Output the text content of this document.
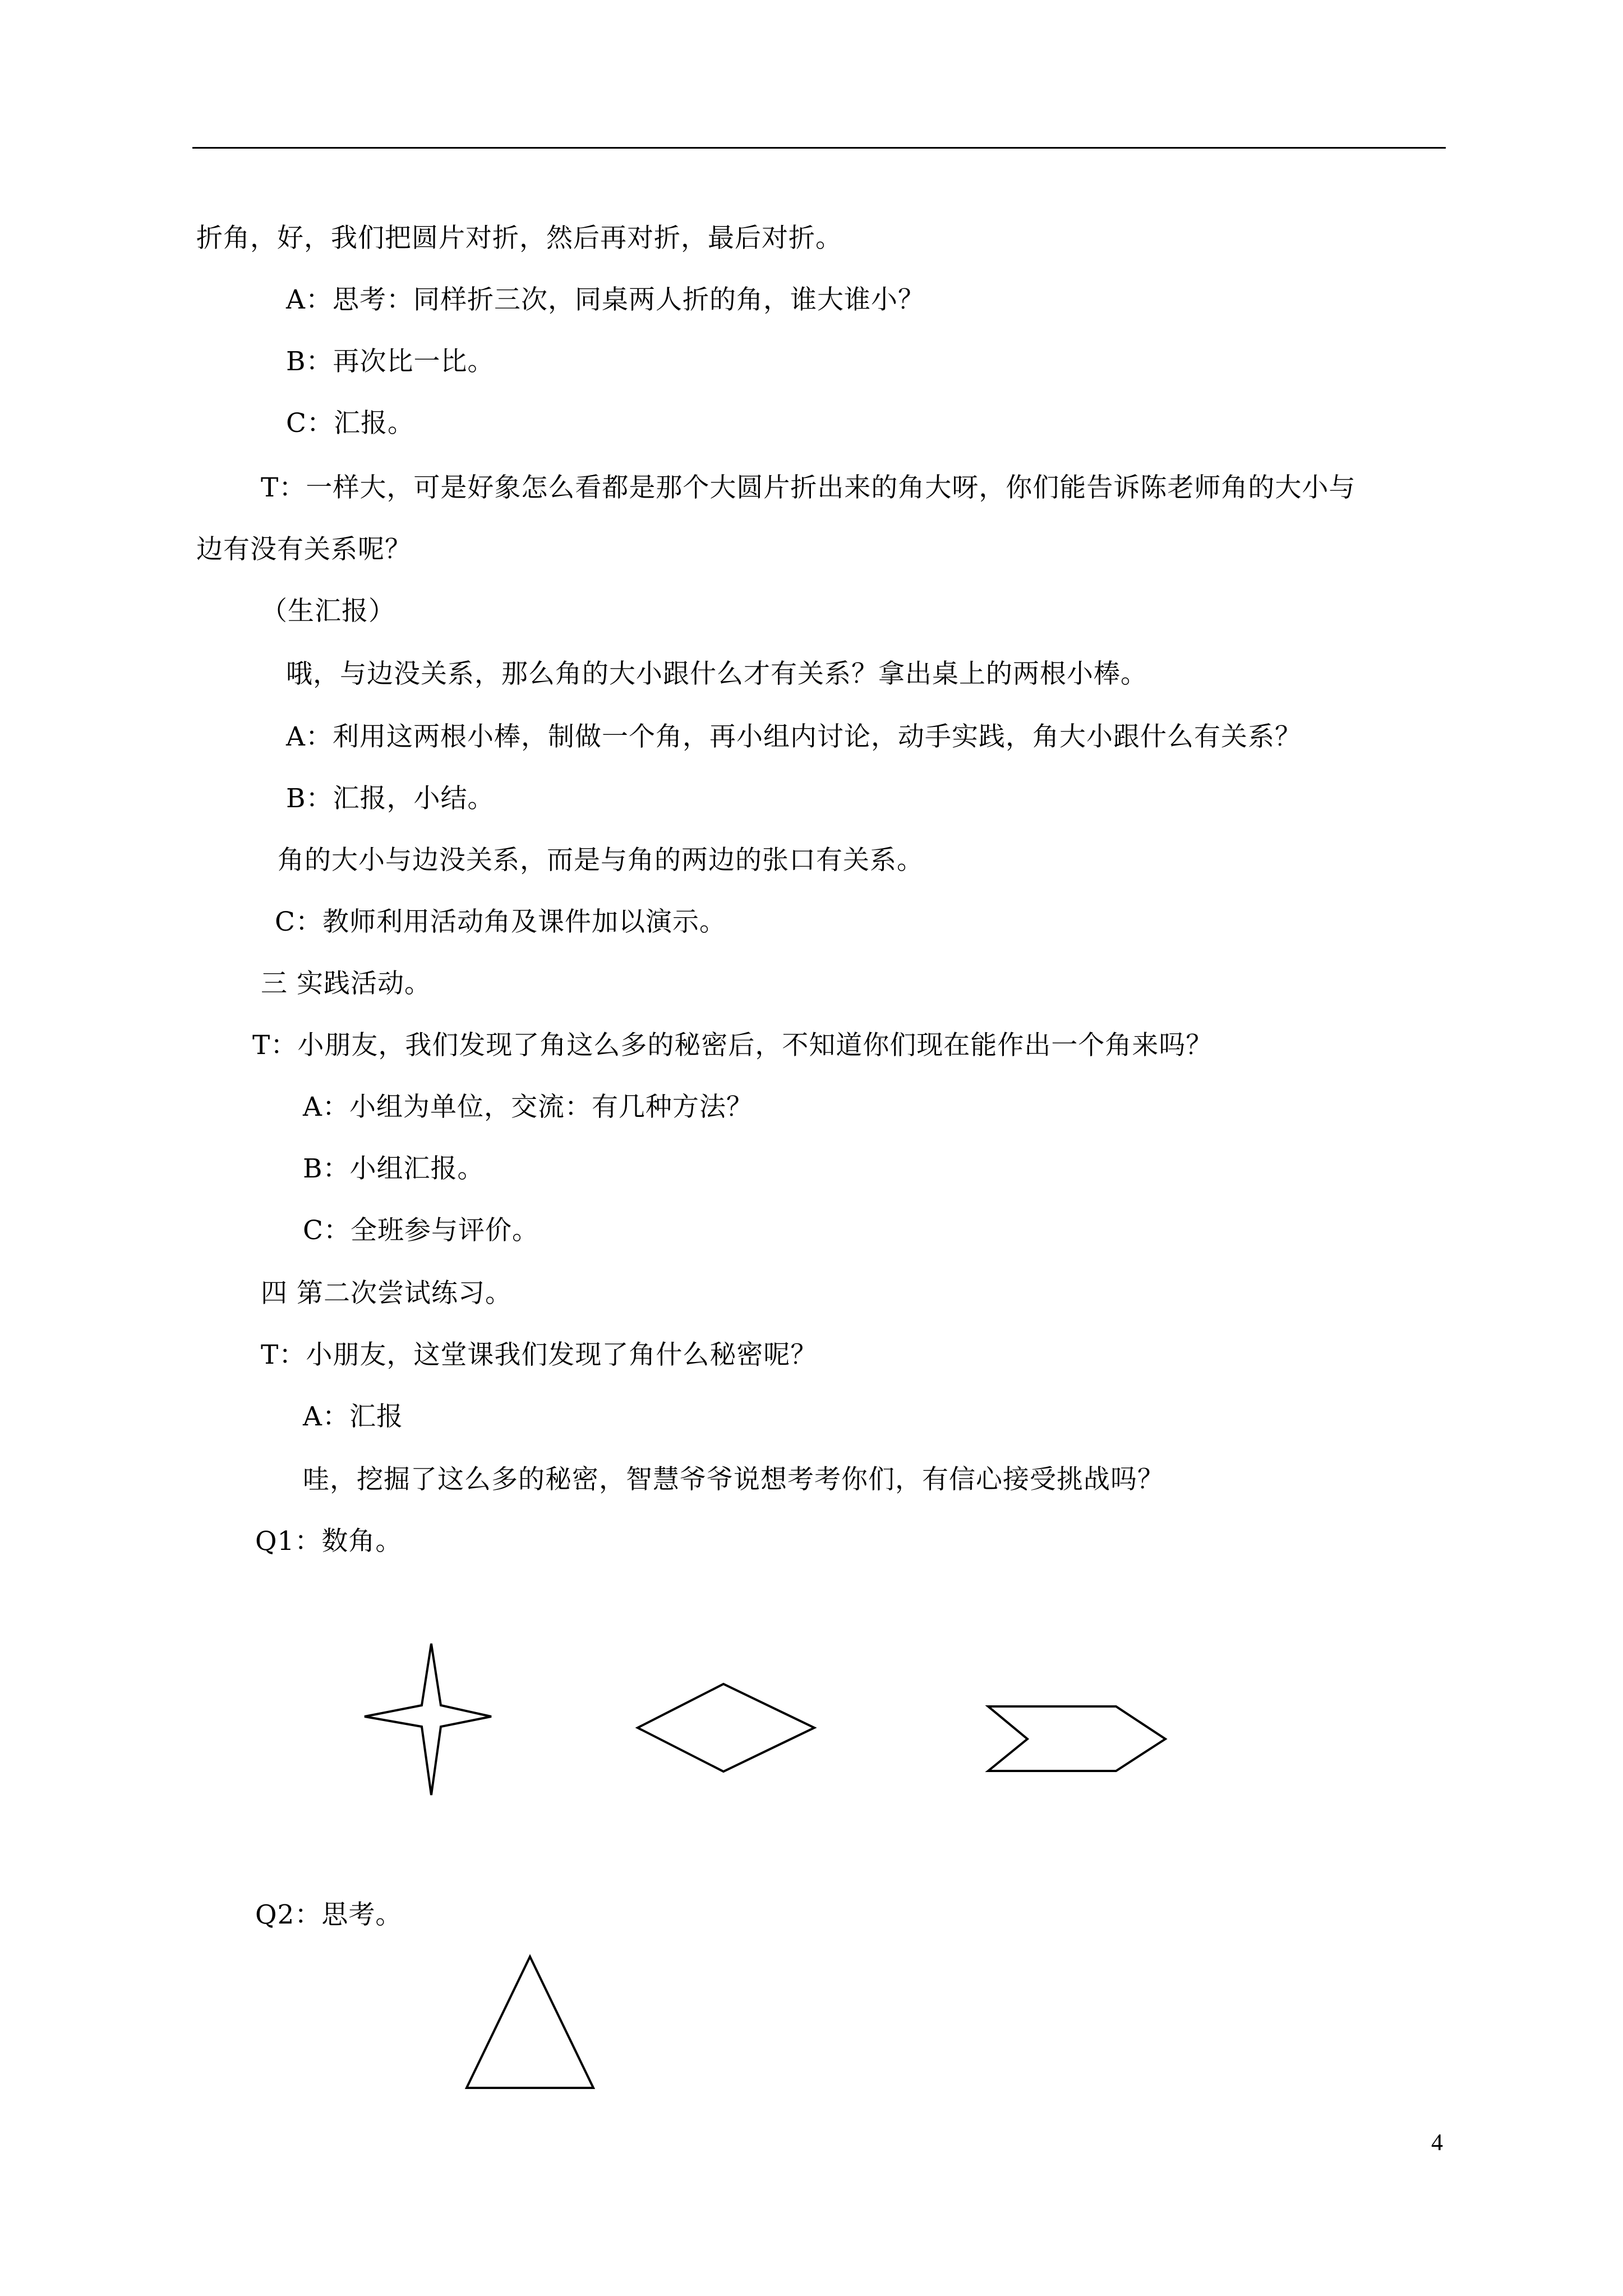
折角，好，我们把圆片对折，然后再对折，最后对折。
A：思考：同样折三次，同桌两人折的角，谁大谁小？
B：再次比一比。
C：汇报。
T：一样大，可是好象怎么看都是那个大圆片折出来的角大呀，你们能告诉陈老师角的大小与
边有没有关系呢？
（生汇报）
哦，与边没关系，那么角的大小跟什么才有关系？拿出桌上的两根小棒。
A：利用这两根小棒，制做一个角，再小组内讨论，动手实践，角大小跟什么有关系？
B：汇报，小结。
角的大小与边没关系，而是与角的两边的张口有关系。
C：教师利用活动角及课件加以演示。
三 实践活动。
T：小朋友，我们发现了角这么多的秘密后，不知道你们现在能作出一个角来吗？
A：小组为单位，交流：有几种方法？
B：小组汇报。
C：全班参与评价。
四 第二次尝试练习。
T：小朋友，这堂课我们发现了角什么秘密呢？
A：汇报
哇，挖掘了这么多的秘密，智慧爷爷说想考考你们，有信心接受挑战吗？
Q1：数角。
Q2：思考。
4
